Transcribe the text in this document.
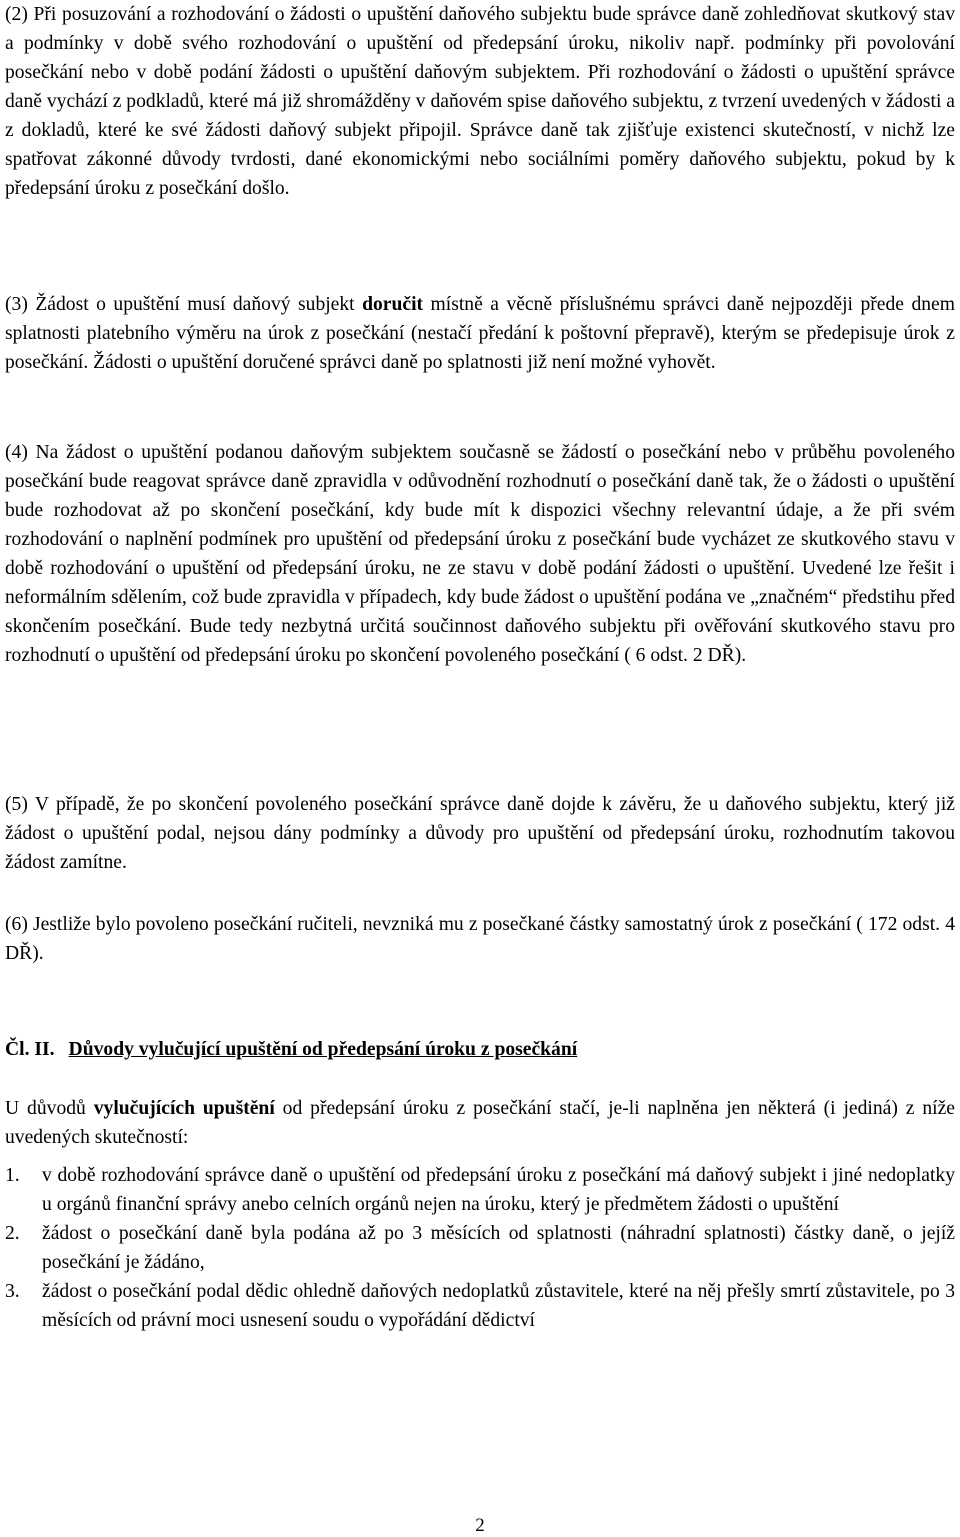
(2) Při posuzování a rozhodování o žádosti o upuštění daňového subjektu bude správce daně zohledňovat skutkový stav a podmínky v době svého rozhodování o upuštění od předepsání úroku, nikoliv např. podmínky při povolování posečkání nebo v době podání žádosti o upuštění daňovým subjektem. Při rozhodování o žádosti o upuštění správce daně vychází z podkladů, které má již shromážděny v daňovém spise daňového subjektu, z tvrzení uvedených v žádosti a z dokladů, které ke své žádosti daňový subjekt připojil. Správce daně tak zjišťuje existenci skutečností, v nichž lze spatřovat zákonné důvody tvrdosti, dané ekonomickými nebo sociálními poměry daňového subjektu, pokud by k předepsání úroku z posečkání došlo.

(3) Žádost o upuštění musí daňový subjekt doručit místně a věcně příslušnému správci daně nejpozději přede dnem splatnosti platebního výměru na úrok z posečkání (nestačí předání k poštovní přepravě), kterým se předepisuje úrok z posečkání. Žádosti o upuštění doručené správci daně po splatnosti již není možné vyhovět.

(4) Na žádost o upuštění podanou daňovým subjektem současně se žádostí o posečkání nebo v průběhu povoleného posečkání bude reagovat správce daně zpravidla v odůvodnění rozhodnutí o posečkání daně tak, že o žádosti o upuštění bude rozhodovat až po skončení posečkání, kdy bude mít k dispozici všechny relevantní údaje, a že při svém rozhodování o naplnění podmínek pro upuštění od předepsání úroku z posečkání bude vycházet ze skutkového stavu v době rozhodování o upuštění od předepsání úroku, ne ze stavu v době podání žádosti o upuštění. Uvedené lze řešit i neformálním sdělením, což bude zpravidla v případech, kdy bude žádost o upuštění podána ve „značném“ předstihu před skončením posečkání. Bude tedy nezbytná určitá součinnost daňového subjektu při ověřování skutkového stavu pro rozhodnutí o upuštění od předepsání úroku po skončení povoleného posečkání ( 6 odst. 2 DŘ).

(5) V případě, že po skončení povoleného posečkání správce daně dojde k závěru, že u daňového subjektu, který již žádost o upuštění podal, nejsou dány podmínky a důvody pro upuštění od předepsání úroku, rozhodnutím takovou žádost zamítne.

(6) Jestliže bylo povoleno posečkání ručiteli, nevzniká mu z posečkané částky samostatný úrok z posečkání ( 172 odst. 4 DŘ).

Čl. II. Důvody vylučující upuštění od předepsání úroku z posečkání

U důvodů vylučujících upuštění od předepsání úroku z posečkání stačí, je-li naplněna jen některá (i jediná) z níže uvedených skutečností:

1. v době rozhodování správce daně o upuštění od předepsání úroku z posečkání má daňový subjekt i jiné nedoplatky u orgánů finanční správy anebo celních orgánů nejen na úroku, který je předmětem žádosti o upuštění
2. žádost o posečkání daně byla podána až po 3 měsících od splatnosti (náhradní splatnosti) částky daně, o jejíž posečkání je žádáno,
3. žádost o posečkání podal dědic ohledně daňových nedoplatků zůstavitele, které na něj přešly smrtí zůstavitele, po 3 měsících od právní moci usnesení soudu o vypořádání dědictví
2
